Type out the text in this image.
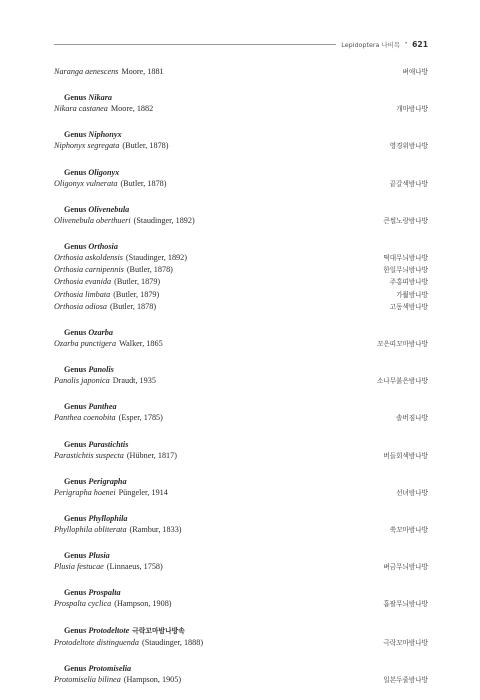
Lepidoptera 나비목 • 621
Naranga aenescens Moore, 1881	벼애나방
Genus Nikara
Nikara castanea Moore, 1882	개마밤나방
Genus Niphonyx
Niphonyx segregata (Butler, 1878)	영경위밤나방
Genus Oligonyx
Oligonyx vulnerata (Butler, 1878)	끝갈색밤나방
Genus Olivenebula
Olivenebula oberthueri (Staudinger, 1892)	큰썰노랑밤나방
Genus Orthosia
Orthosia askoldensis (Staudinger, 1892)	떡대무늬밤나방
Orthosia carnipennis (Butler, 1878)	한일무늬밤나방
Orthosia evanida (Butler, 1879)	주홍띠밤나방
Orthosia limbata (Butler, 1879)	가퓖밤나방
Orthosia odiosa (Butler, 1878)	고동색밤나방
Genus Ozarba
Ozarba punctigera Walker, 1865	꼬은띠꼬마밤나방
Genus Panolis
Panolis japonica Draudt, 1935	소나무붉은밤나방
Genus Panthea
Panthea coenobita (Esper, 1785)	솔버짐나방
Genus Parastichtis
Parastichtis suspecta (Hübner, 1817)	버들회색밤나방
Genus Perigrapha
Perigrapha hoenei Püngeler, 1914	선녀밤나방
Genus Phyllophila
Phyllophila obliterata (Rambur, 1833)	쑥꼬마밤나방
Genus Plusia
Plusia festucae (Linnaeus, 1758)	벼금무늬밤나방
Genus Prospalta
Prospalta cyclica (Hampson, 1908)	흡팔무늬밤나방
Genus Protodeltote 극락꼬마밤나방속
Protodeltote distinguenda (Staudinger, 1888)	극락꼬마밤나방
Genus Protomiselia
Protomiselia bilinea (Hampson, 1905)	일본두줄밤나방
